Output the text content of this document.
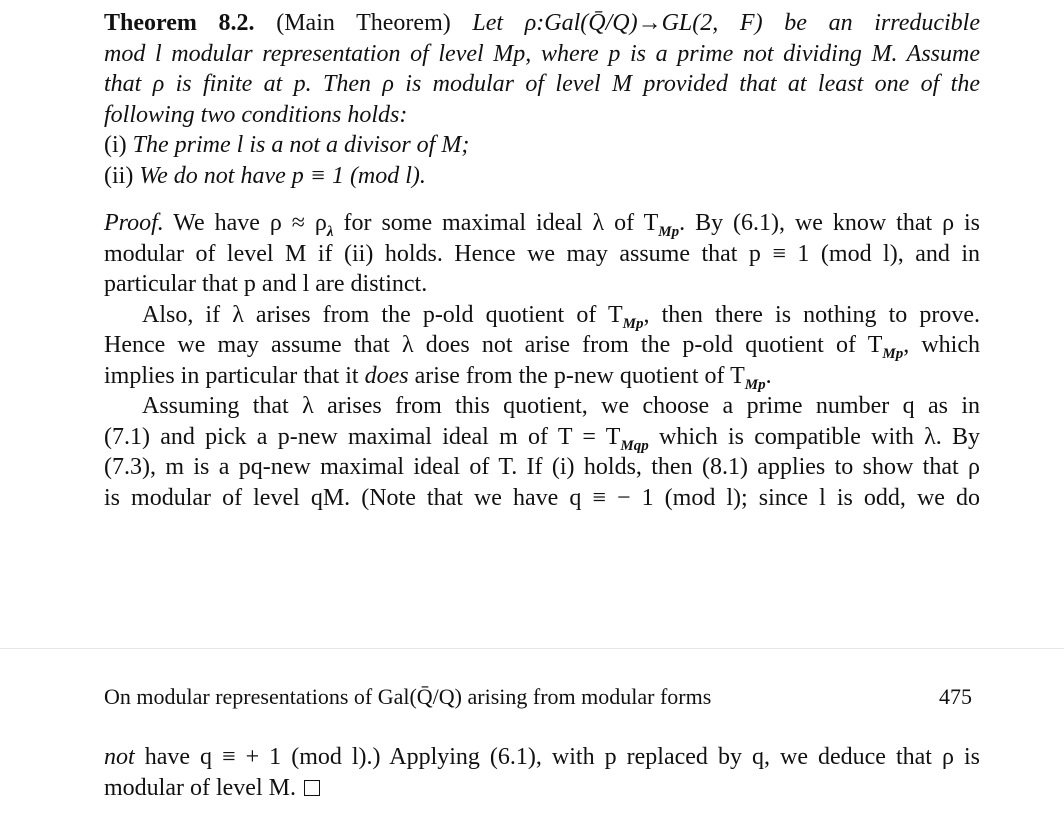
Theorem 8.2. (Main Theorem) Let ρ:Gal(Q̄/Q)→GL(2, F) be an irreducible
mod l modular representation of level Mp, where p is a prime not dividing M. Assume
that ρ is finite at p. Then ρ is modular of level M provided that at least one of the
following two conditions holds:
(i) The prime l is a not a divisor of M;
(ii) We do not have p ≡ 1 (mod l).
Proof. We have $\rho \approx \rho_\lambda$ for some maximal ideal λ of $T_{Mp}$. By (6.1), we know that ρ is
modular of level M if (ii) holds. Hence we may assume that p ≡ 1 (mod l), and in
particular that p and l are distinct.
Also, if λ arises from the p-old quotient of $T_{Mp}$, then there is nothing to prove.
Hence we may assume that λ does not arise from the p-old quotient of $T_{Mp}$, which
implies in particular that it does arise from the p-new quotient of $T_{Mp}$.
Assuming that λ arises from this quotient, we choose a prime number q as in
(7.1) and pick a p-new maximal ideal m of $T = T_{Mqp}$ which is compatible with λ. By
(7.3), m is a pq-new maximal ideal of T. If (i) holds, then (8.1) applies to show that ρ
is modular of level qM. (Note that we have q ≡ − 1 (mod l); since l is odd, we do
On modular representations of Gal(Q̄/Q) arising from modular forms	475
not have q ≡ + 1 (mod l).) Applying (6.1), with p replaced by q, we deduce that ρ is
modular of level M.
